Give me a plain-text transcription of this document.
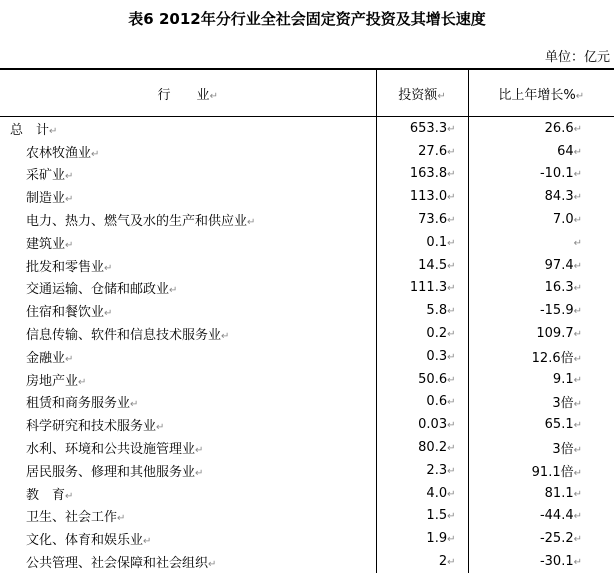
表6 2012年分行业全社会固定资产投资及其增长速度
单位：亿元
行　　业↵	投资额↵	比上年增长%↵
总　计↵	653.3↵	26.6↵
农林牧渔业↵	27.6↵	64↵
采矿业↵	163.8↵	-10.1↵
制造业↵	113.0↵	84.3↵
电力、热力、燃气及水的生产和供应业↵	73.6↵	7.0↵
建筑业↵	0.1↵	↵
批发和零售业↵	14.5↵	97.4↵
交通运输、仓储和邮政业↵	111.3↵	16.3↵
住宿和餐饮业↵	5.8↵	-15.9↵
信息传输、软件和信息技术服务业↵	0.2↵	109.7↵
金融业↵	0.3↵	12.6倍↵
房地产业↵	50.6↵	9.1↵
租赁和商务服务业↵	0.6↵	3倍↵
科学研究和技术服务业↵	0.03↵	65.1↵
水利、环境和公共设施管理业↵	80.2↵	3倍↵
居民服务、修理和其他服务业↵	2.3↵	91.1倍↵
教　育↵	4.0↵	81.1↵
卫生、社会工作↵	1.5↵	-44.4↵
文化、体育和娱乐业↵	1.9↵	-25.2↵
公共管理、社会保障和社会组织↵	2↵	-30.1↵
